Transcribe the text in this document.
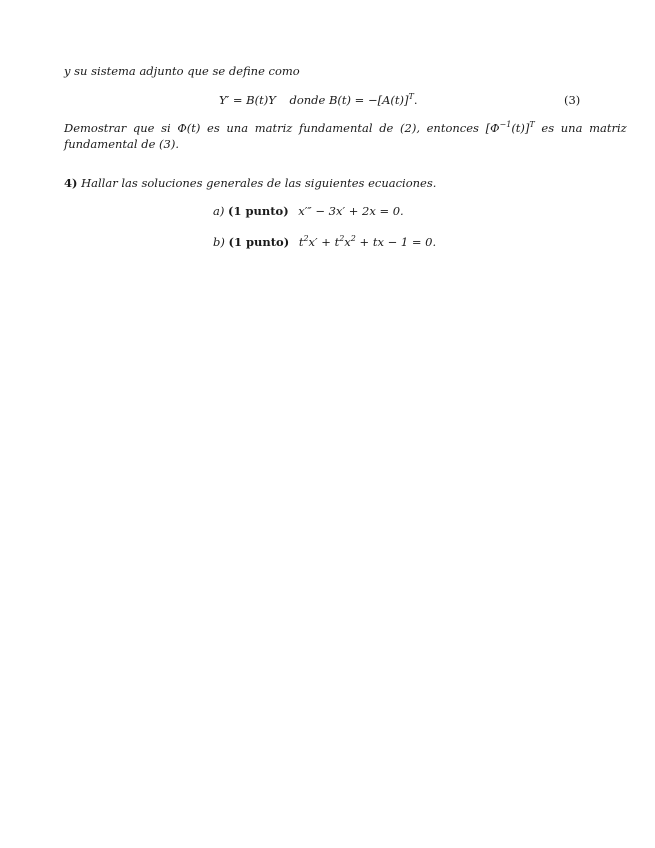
y su sistema adjunto que se define como
Y′ = B(t)Y donde $B(t) = -[A(t)]^T$.	(3)
Demostrar que si Φ(t) es una matriz fundamental de (2), entonces $[\Phi^{-1}(t)]^T$ es una matriz
fundamental de (3).
4) Hallar las soluciones generales de las siguientes ecuaciones.
a) (1 punto) x′″ − 3x′ + 2x = 0.
b) (1 punto) $t^2x' + t^2x^2$ + tx − 1 = 0.
